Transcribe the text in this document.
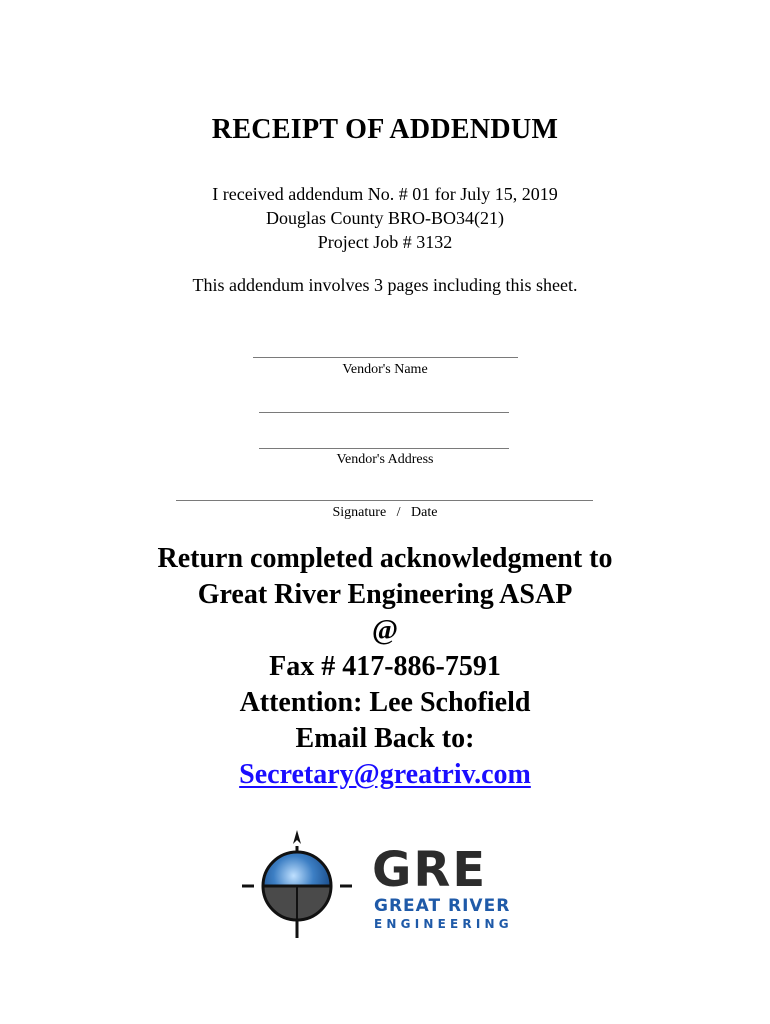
RECEIPT OF ADDENDUM
I received addendum No. # 01 for July 15, 2019
Douglas County BRO-BO34(21)
Project Job # 3132
This addendum involves 3 pages including this sheet.
Vendor's Name
Vendor's Address
Signature   /   Date
Return completed acknowledgment to
Great River Engineering ASAP
@
Fax # 417-886-7591
Attention: Lee Schofield
Email Back to:
Secretary@greatriv.com
GRE
GREAT RIVER
ENGINEERING
